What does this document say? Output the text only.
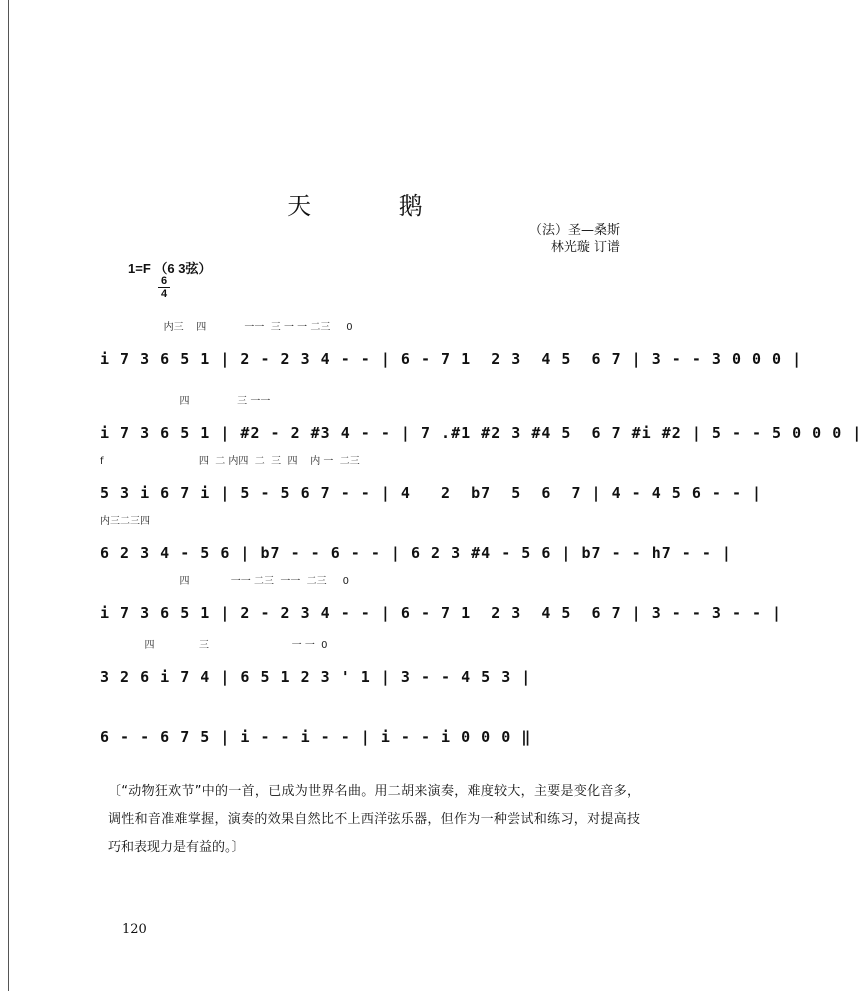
天 鹅
（法）圣—桑斯
林光璇 订谱
1=F （6 3弦）
6
4
内三    四            一一  三 一 一 二三     0
i 7 3 6 5 1 | 2 - 2 3 4 - - | 6 - 7 1  2 3  4 5  6 7 | 3 - - 3 0 0 0 |
四               三 一一
i 7 3 6 5 1 | #2 - 2 #3 4 - - | 7 .#1 #2 3 #4 5  6 7 #i #2 | 5 - - 5 0 0 0 |
f                              四  二 内四  二  三  四    内 一  二三
5 3 i 6 7 i | 5 - 5 6 7 - - | 4   2  b7  5  6  7 | 4 - 4 5 6 - - |
内三二三四
6 2 3 4 - 5 6 | b7 - - 6 - - | 6 2 3 #4 - 5 6 | b7 - - h7 - - |
四             一一 二三  一一  二三     0
i 7 3 6 5 1 | 2 - 2 3 4 - - | 6 - 7 1  2 3  4 5  6 7 | 3 - - 3 - - |
四              三                          一 一  0
3 2 6 i 7 4 | 6 5 1 2 3 ' 1 | 3 - - 4 5 3 |
6 - - 6 7 5 | i - - i - - | i - - i 0 0 0 ‖
〔“动物狂欢节”中的一首，已成为世界名曲。用二胡来演奏，难度较大，主要是变化音多，调性和音准难掌握，演奏的效果自然比不上西洋弦乐器，但作为一种尝试和练习，对提高技巧和表现力是有益的。〕
120
